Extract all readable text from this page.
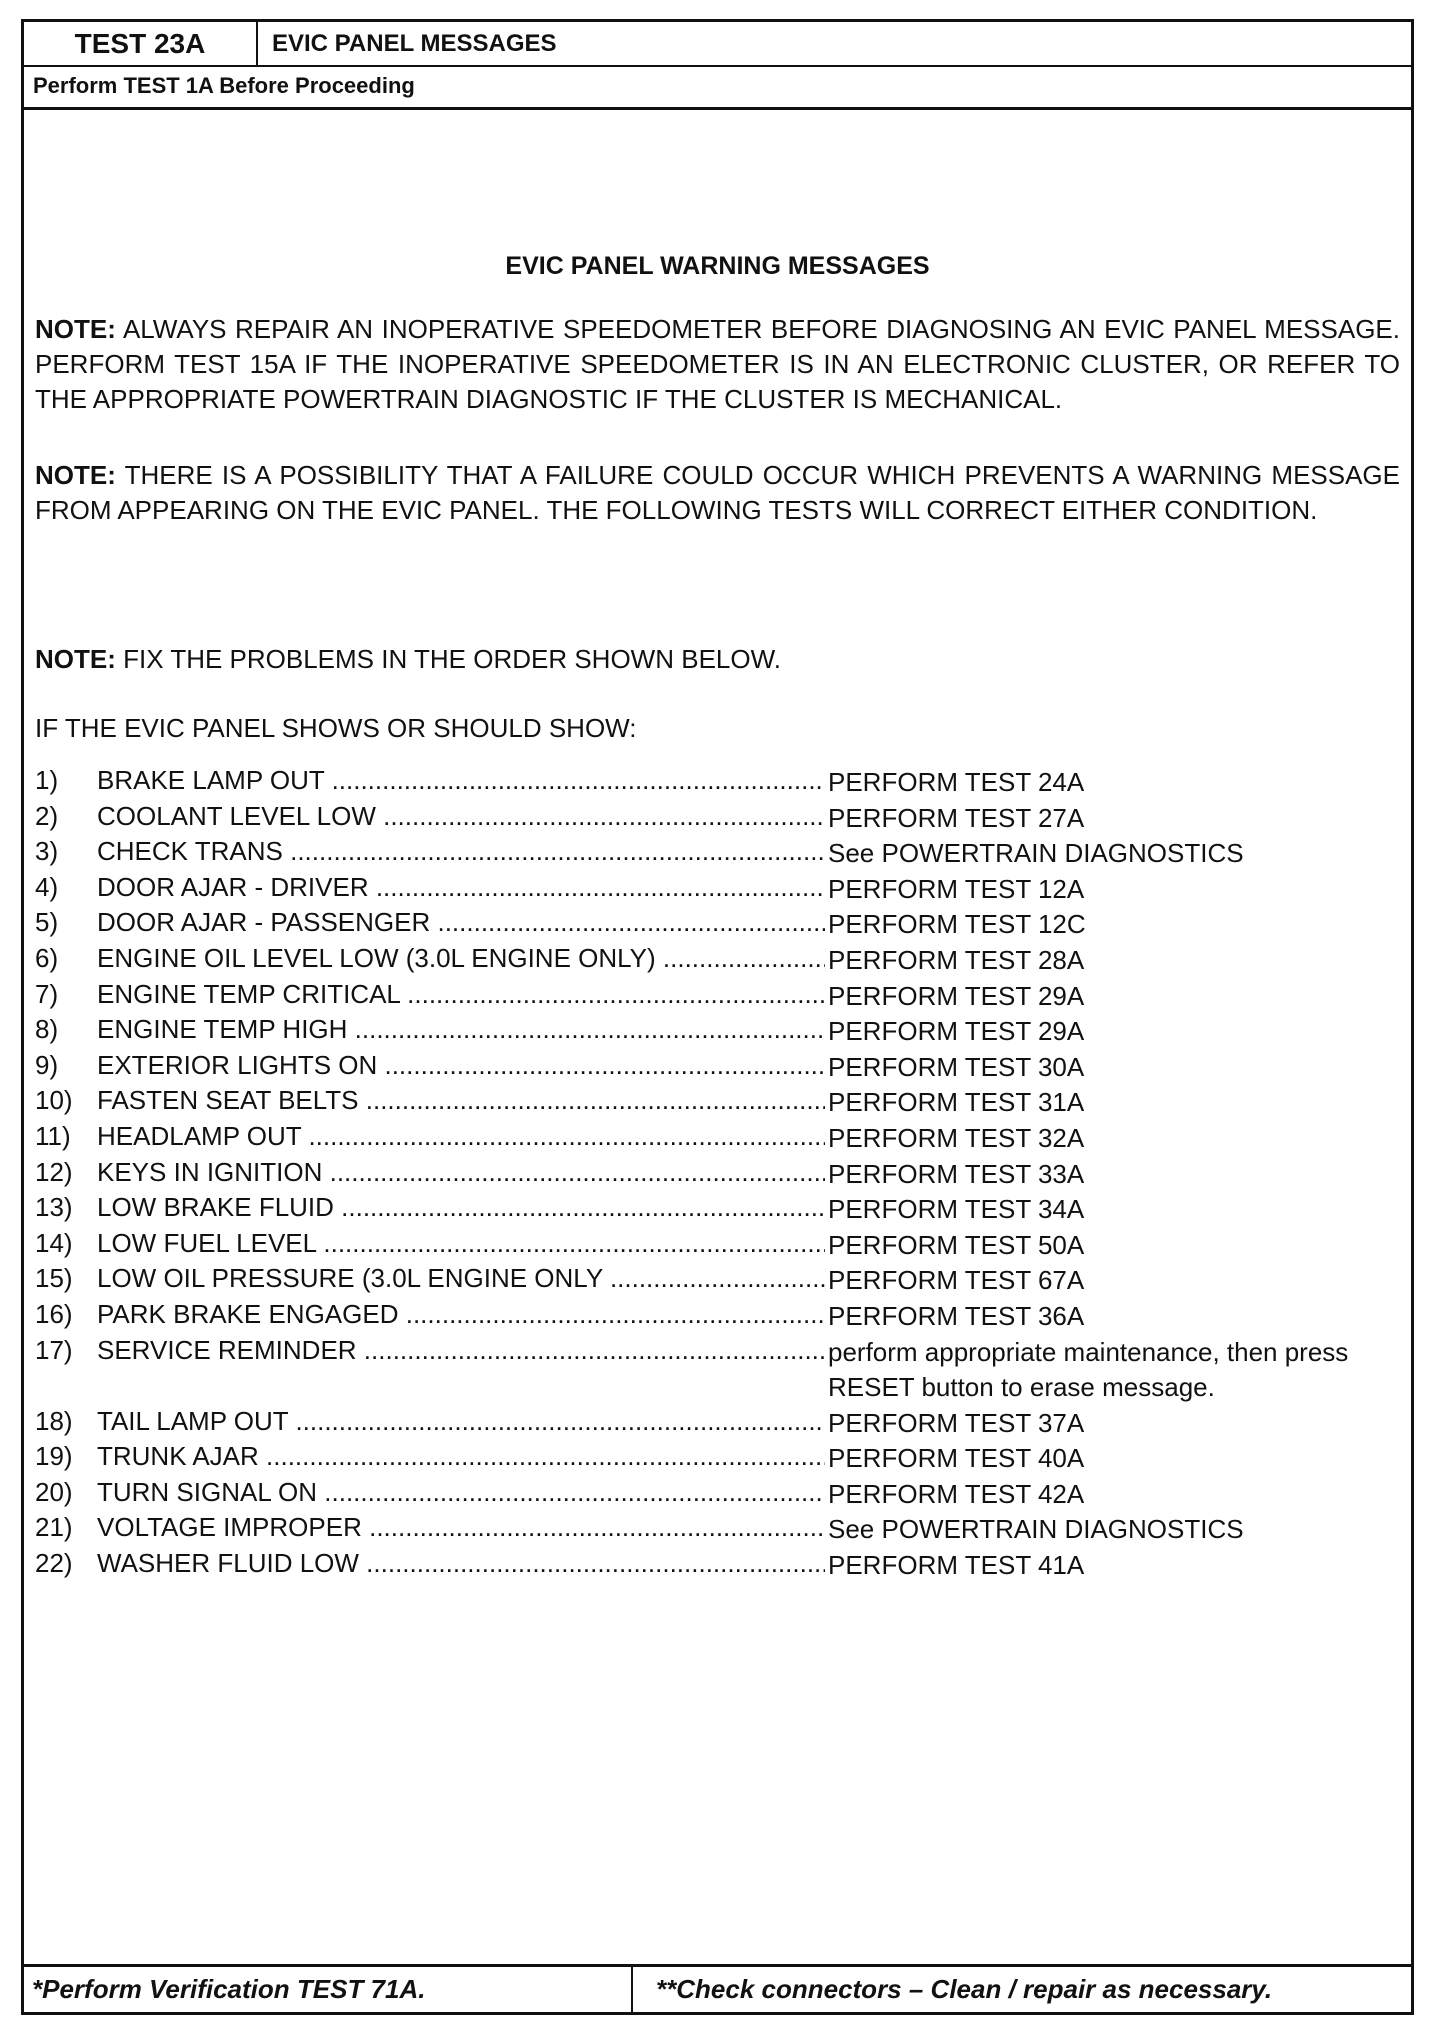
TEST 23A	EVIC PANEL MESSAGES
Perform TEST 1A Before Proceeding
EVIC PANEL WARNING MESSAGES
NOTE: ALWAYS REPAIR AN INOPERATIVE SPEEDOMETER BEFORE DIAGNOSING AN EVIC PANEL MESSAGE. PERFORM TEST 15A IF THE INOPERATIVE SPEEDOMETER IS IN AN ELECTRONIC CLUSTER, OR REFER TO THE APPROPRIATE POWERTRAIN DIAGNOSTIC IF THE CLUSTER IS MECHANICAL.
NOTE: THERE IS A POSSIBILITY THAT A FAILURE COULD OCCUR WHICH PREVENTS A WARNING MESSAGE FROM APPEARING ON THE EVIC PANEL. THE FOLLOWING TESTS WILL CORRECT EITHER CONDITION.
NOTE: FIX THE PROBLEMS IN THE ORDER SHOWN BELOW.
IF THE EVIC PANEL SHOWS OR SHOULD SHOW:
1)	BRAKE LAMP OUT .....	PERFORM TEST 24A
2)	COOLANT LEVEL LOW .....	PERFORM TEST 27A
3)	CHECK TRANS .....	See POWERTRAIN DIAGNOSTICS
4)	DOOR AJAR - DRIVER .....	PERFORM TEST 12A
5)	DOOR AJAR - PASSENGER .....	PERFORM TEST 12C
6)	ENGINE OIL LEVEL LOW (3.0L ENGINE ONLY) .....	PERFORM TEST 28A
7)	ENGINE TEMP CRITICAL .....	PERFORM TEST 29A
8)	ENGINE TEMP HIGH .....	PERFORM TEST 29A
9)	EXTERIOR LIGHTS ON .....	PERFORM TEST 30A
10) FASTEN SEAT BELTS .....	PERFORM TEST 31A
11)	HEADLAMP OUT .....	PERFORM TEST 32A
12) KEYS IN IGNITION .....	PERFORM TEST 33A
13) LOW BRAKE FLUID .....	PERFORM TEST 34A
14) LOW FUEL LEVEL .....	PERFORM TEST 50A
15) LOW OIL PRESSURE (3.0L ENGINE ONLY .....	PERFORM TEST 67A
16) PARK BRAKE ENGAGED .....	PERFORM TEST 36A
17) SERVICE REMINDER .....	perform appropriate maintenance, then press RESET button to erase message.
18) TAIL LAMP OUT .....	PERFORM TEST 37A
19) TRUNK AJAR .....	PERFORM TEST 40A
20) TURN SIGNAL ON .....	PERFORM TEST 42A
21) VOLTAGE IMPROPER .....	See POWERTRAIN DIAGNOSTICS
22) WASHER FLUID LOW .....	PERFORM TEST 41A
*Perform Verification TEST 71A.	**Check connectors – Clean / repair as necessary.
